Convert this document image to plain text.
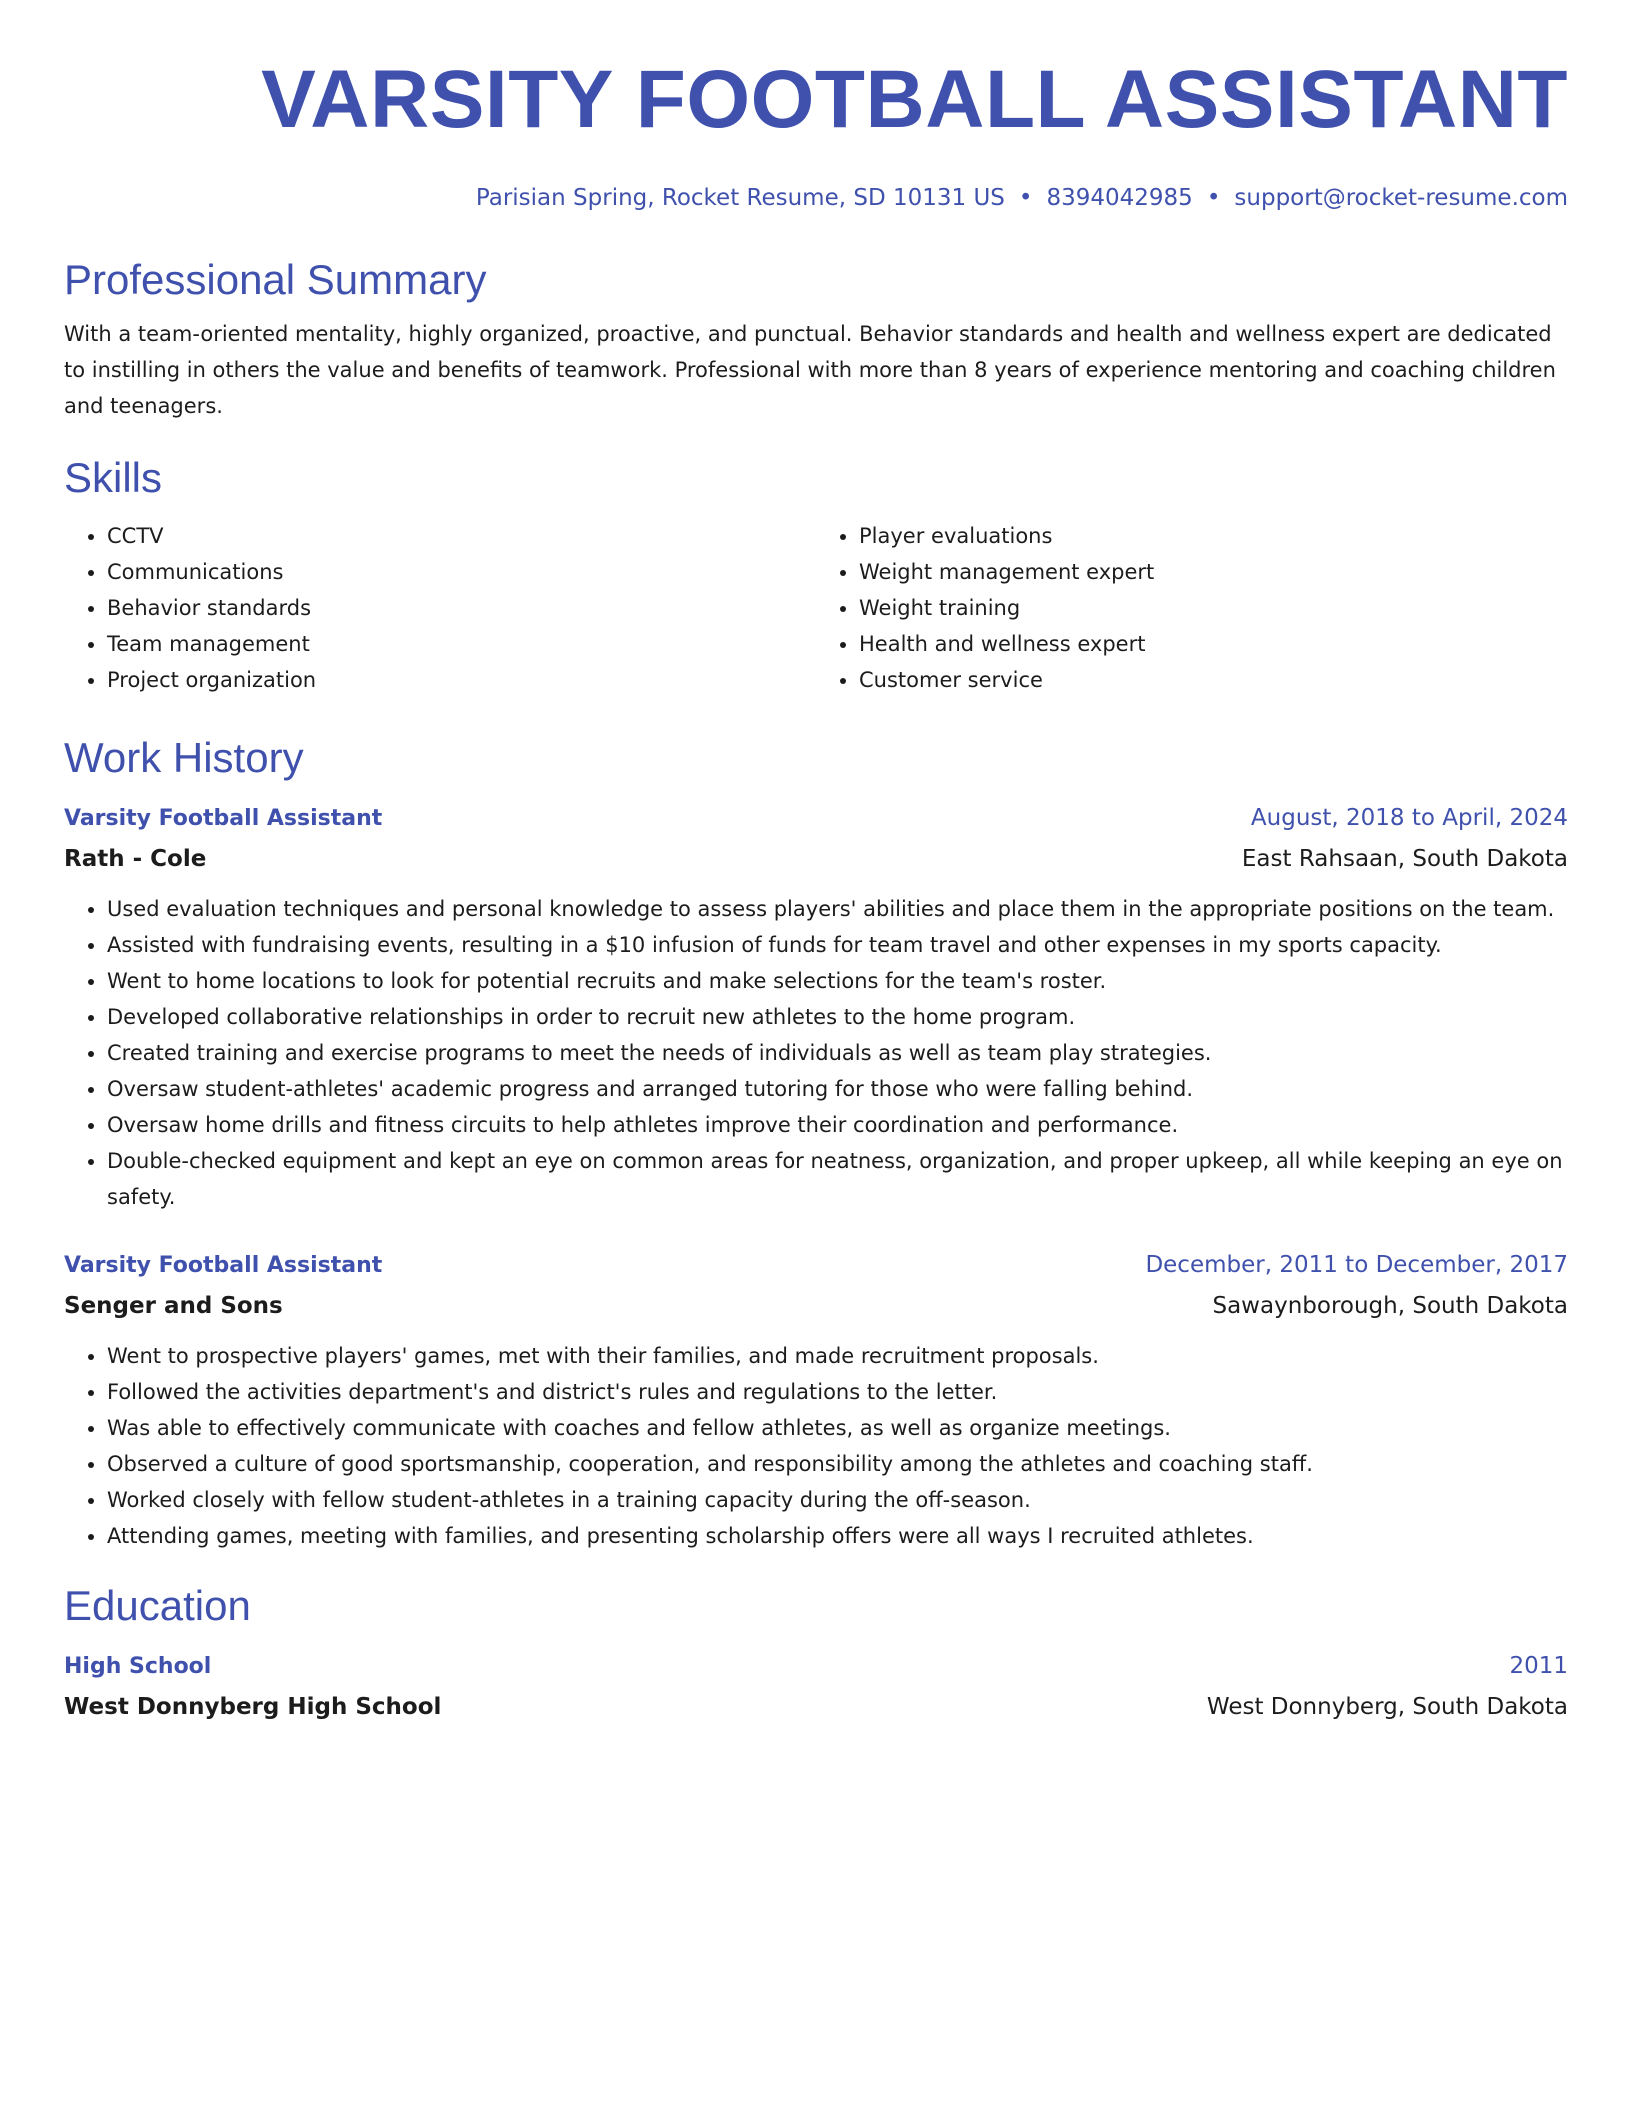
VARSITY FOOTBALL ASSISTANT
Parisian Spring, Rocket Resume, SD 10131 US • 8394042985 • support@rocket-resume.com
Professional Summary
With a team-oriented mentality, highly organized, proactive, and punctual. Behavior standards and health and wellness expert are dedicated to instilling in others the value and benefits of teamwork. Professional with more than 8 years of experience mentoring and coaching children and teenagers.
Skills
• CCTV
• Communications
• Behavior standards
• Team management
• Project organization
• Player evaluations
• Weight management expert
• Weight training
• Health and wellness expert
• Customer service
Work History
Varsity Football Assistant	August, 2018 to April, 2024
Rath - Cole	East Rahsaan, South Dakota
• Used evaluation techniques and personal knowledge to assess players' abilities and place them in the appropriate positions on the team.
• Assisted with fundraising events, resulting in a $10 infusion of funds for team travel and other expenses in my sports capacity.
• Went to home locations to look for potential recruits and make selections for the team's roster.
• Developed collaborative relationships in order to recruit new athletes to the home program.
• Created training and exercise programs to meet the needs of individuals as well as team play strategies.
• Oversaw student-athletes' academic progress and arranged tutoring for those who were falling behind.
• Oversaw home drills and fitness circuits to help athletes improve their coordination and performance.
• Double-checked equipment and kept an eye on common areas for neatness, organization, and proper upkeep, all while keeping an eye on safety.
Varsity Football Assistant	December, 2011 to December, 2017
Senger and Sons	Sawaynborough, South Dakota
• Went to prospective players' games, met with their families, and made recruitment proposals.
• Followed the activities department's and district's rules and regulations to the letter.
• Was able to effectively communicate with coaches and fellow athletes, as well as organize meetings.
• Observed a culture of good sportsmanship, cooperation, and responsibility among the athletes and coaching staff.
• Worked closely with fellow student-athletes in a training capacity during the off-season.
• Attending games, meeting with families, and presenting scholarship offers were all ways I recruited athletes.
Education
High School	2011
West Donnyberg High School	West Donnyberg, South Dakota
